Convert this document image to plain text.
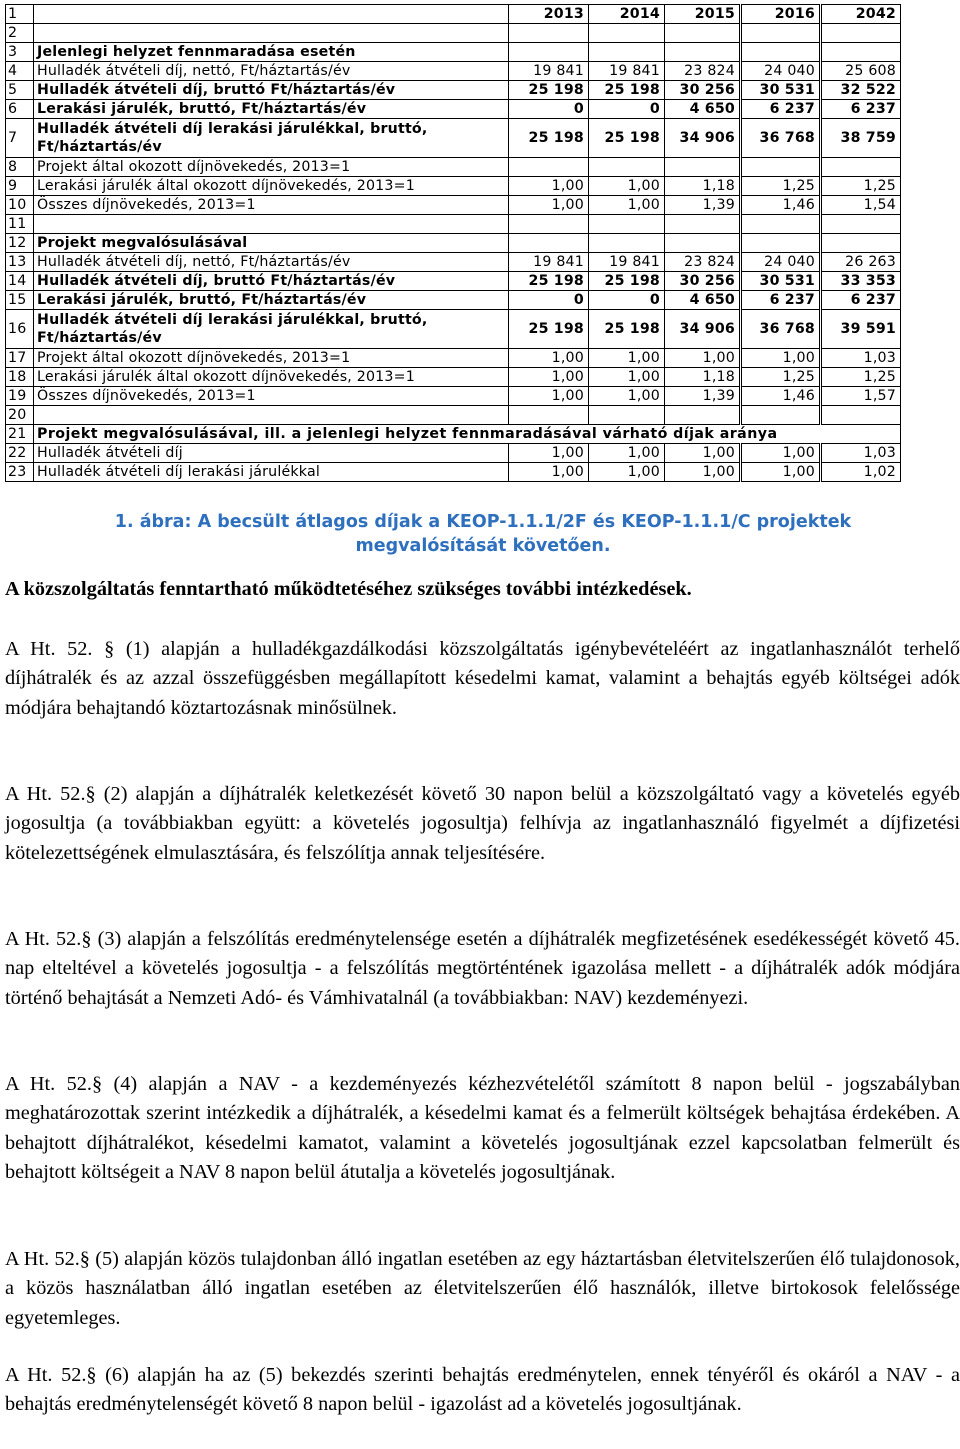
1		2013	2014	2015	2016	2042
2						
3	Jelenlegi helyzet fennmaradása esetén					
4	Hulladék átvételi díj, nettó, Ft/háztartás/év	19 841	19 841	23 824	24 040	25 608
5	Hulladék átvételi díj, bruttó Ft/háztartás/év	25 198	25 198	30 256	30 531	32 522
6	Lerakási járulék, bruttó, Ft/háztartás/év	0	0	4 650	6 237	6 237
7	Hulladék átvételi díj lerakási járulékkal, bruttó, Ft/háztartás/év	25 198	25 198	34 906	36 768	38 759
8	Projekt által okozott díjnövekedés, 2013=1					
9	Lerakási járulék által okozott díjnövekedés, 2013=1	1,00	1,00	1,18	1,25	1,25
10	Összes díjnövekedés, 2013=1	1,00	1,00	1,39	1,46	1,54
11						
12	Projekt megvalósulásával					
13	Hulladék átvételi díj, nettó, Ft/háztartás/év	19 841	19 841	23 824	24 040	26 263
14	Hulladék átvételi díj, bruttó Ft/háztartás/év	25 198	25 198	30 256	30 531	33 353
15	Lerakási járulék, bruttó, Ft/háztartás/év	0	0	4 650	6 237	6 237
16	Hulladék átvételi díj lerakási járulékkal, bruttó, Ft/háztartás/év	25 198	25 198	34 906	36 768	39 591
17	Projekt által okozott díjnövekedés, 2013=1	1,00	1,00	1,00	1,00	1,03
18	Lerakási járulék által okozott díjnövekedés, 2013=1	1,00	1,00	1,18	1,25	1,25
19	Összes díjnövekedés, 2013=1	1,00	1,00	1,39	1,46	1,57
20						
21	Projekt megvalósulásával, ill. a jelenlegi helyzet fennmaradásával várható díjak aránya					
22	Hulladék átvételi díj	1,00	1,00	1,00	1,00	1,03
23	Hulladék átvételi díj lerakási járulékkal	1,00	1,00	1,00	1,00	1,02
1. ábra: A becsült átlagos díjak a KEOP-1.1.1/2F és KEOP-1.1.1/C projektek
megvalósítását követően.
A közszolgáltatás fenntartható működtetéséhez szükséges további intézkedések.

A Ht. 52. § (1) alapján a hulladékgazdálkodási közszolgáltatás igénybevételéért az ingatlanhasználót terhelő díjhátralék és az azzal összefüggésben megállapított késedelmi kamat, valamint a behajtás egyéb költségei adók módjára behajtandó köztartozásnak minősülnek.

A Ht. 52.§ (2) alapján a díjhátralék keletkezését követő 30 napon belül a közszolgáltató vagy a követelés egyéb jogosultja (a továbbiakban együtt: a követelés jogosultja) felhívja az ingatlanhasználó figyelmét a díjfizetési kötelezettségének elmulasztására, és felszólítja annak teljesítésére.

A Ht. 52.§ (3) alapján a felszólítás eredménytelensége esetén a díjhátralék megfizetésének esedékességét követő 45. nap elteltével a követelés jogosultja - a felszólítás megtörténtének igazolása mellett - a díjhátralék adók módjára történő behajtását a Nemzeti Adó- és Vámhivatalnál (a továbbiakban: NAV) kezdeményezi.

A Ht. 52.§ (4) alapján a NAV - a kezdeményezés kézhezvételétől számított 8 napon belül - jogszabályban meghatározottak szerint intézkedik a díjhátralék, a késedelmi kamat és a felmerült költségek behajtása érdekében. A behajtott díjhátralékot, késedelmi kamatot, valamint a követelés jogosultjának ezzel kapcsolatban felmerült és behajtott költségeit a NAV 8 napon belül átutalja a követelés jogosultjának.

A Ht. 52.§ (5) alapján közös tulajdonban álló ingatlan esetében az egy háztartásban életvitelszerűen élő tulajdonosok, a közös használatban álló ingatlan esetében az életvitelszerűen élő használók, illetve birtokosok felelőssége egyetemleges.

A Ht. 52.§ (6) alapján ha az (5) bekezdés szerinti behajtás eredménytelen, ennek tényéről és okáról a NAV - a behajtás eredménytelenségét követő 8 napon belül - igazolást ad a követelés jogosultjának.
